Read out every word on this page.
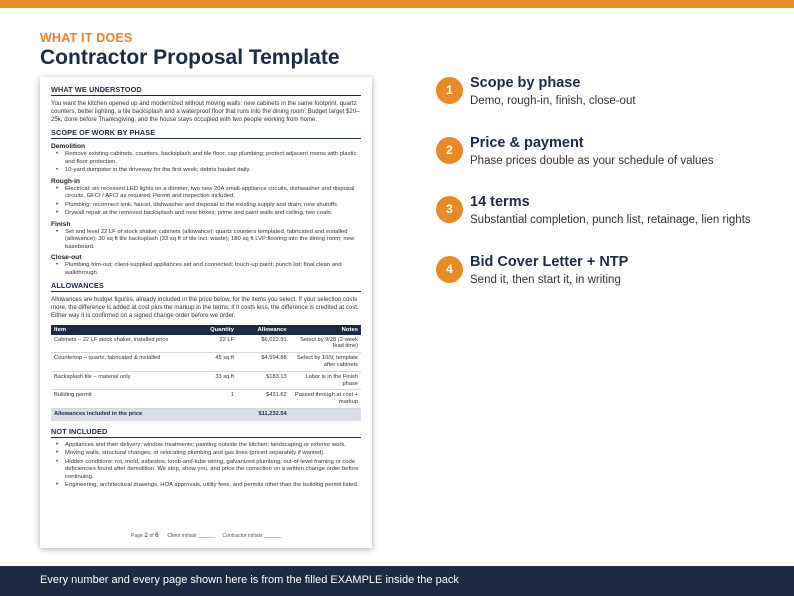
WHAT IT DOES
Contractor Proposal Template
WHAT WE UNDERSTOOD
You want the kitchen opened up and modernized without moving walls: new cabinets in the same footprint, quartz counters, better lighting, a tile backsplash and a waterproof floor that runs into the dining room. Budget target $20–25k, done before Thanksgiving, and the house stays occupied with two people working from home.
SCOPE OF WORK BY PHASE
Demolition
• Remove existing cabinets, counters, backsplash and tile floor; cap plumbing; protect adjacent rooms with plastic and floor protection.
• 10-yard dumpster in the driveway for the first week; debris hauled daily.
Rough-in
• Electrical: six recessed LED lights on a dimmer, two new 20A small-appliance circuits, dishwasher and disposal circuits, GFCI / AFCI as required. Permit and inspection included.
• Plumbing: reconnect sink, faucet, dishwasher and disposal to the existing supply and drain; new shutoffs.
• Drywall repair at the removed backsplash and new boxes; prime and paint walls and ceiling, two coats.
Finish
• Set and level 22 LF of stock shaker cabinets (allowance); quartz counters templated, fabricated and installed (allowance); 30 sq ft tile backsplash (33 sq ft of tile incl. waste); 180 sq ft LVP flooring into the dining room; new baseboard.
Close-out
• Plumbing trim-out; client-supplied appliances set and connected; touch-up paint; punch list; final clean and walkthrough.
ALLOWANCES
Allowances are budget figures, already included in the price below, for the items you select. If your selection costs more, the difference is added at cost plus the markup in the terms; if it costs less, the difference is credited at cost. Either way it is confirmed on a signed change order before we order.
Item	Quantity	Allowance	Notes
Cabinets – 22 LF stock shaker, installed price	22 LF	$6,022.91	Select by 9/28 (2-week lead time)
Countertop – quartz, fabricated & installed	45 sq ft	$4,594.88	Select by 10/9; template after cabinets
Backsplash tile – material only	33 sq ft	$183.13	Labor is in the Finish phase
Building permit	1	$431.62	Passed through at cost + markup
Allowances included in the price		$11,232.54	
NOT INCLUDED
• Appliances and their delivery; window treatments; painting outside the kitchen; landscaping or exterior work.
• Moving walls, structural changes, or relocating plumbing and gas lines (priced separately if wanted).
• Hidden conditions: rot, mold, asbestos, knob-and-tube wiring, galvanized plumbing, out-of-level framing or code deficiencies found after demolition. We stop, show you, and price the correction on a written change order before continuing.
• Engineering, architectural drawings, HOA approvals, utility fees, and permits other than the building permit listed.
Page 2 of 6 Client initials ______ Contractor initials ______
1	Scope by phase
Demo, rough-in, finish, close-out
2	Price & payment
Phase prices double as your schedule of values
3	14 terms
Substantial completion, punch list, retainage, lien rights
4	Bid Cover Letter + NTP
Send it, then start it, in writing
Every number and every page shown here is from the filled EXAMPLE inside the pack
